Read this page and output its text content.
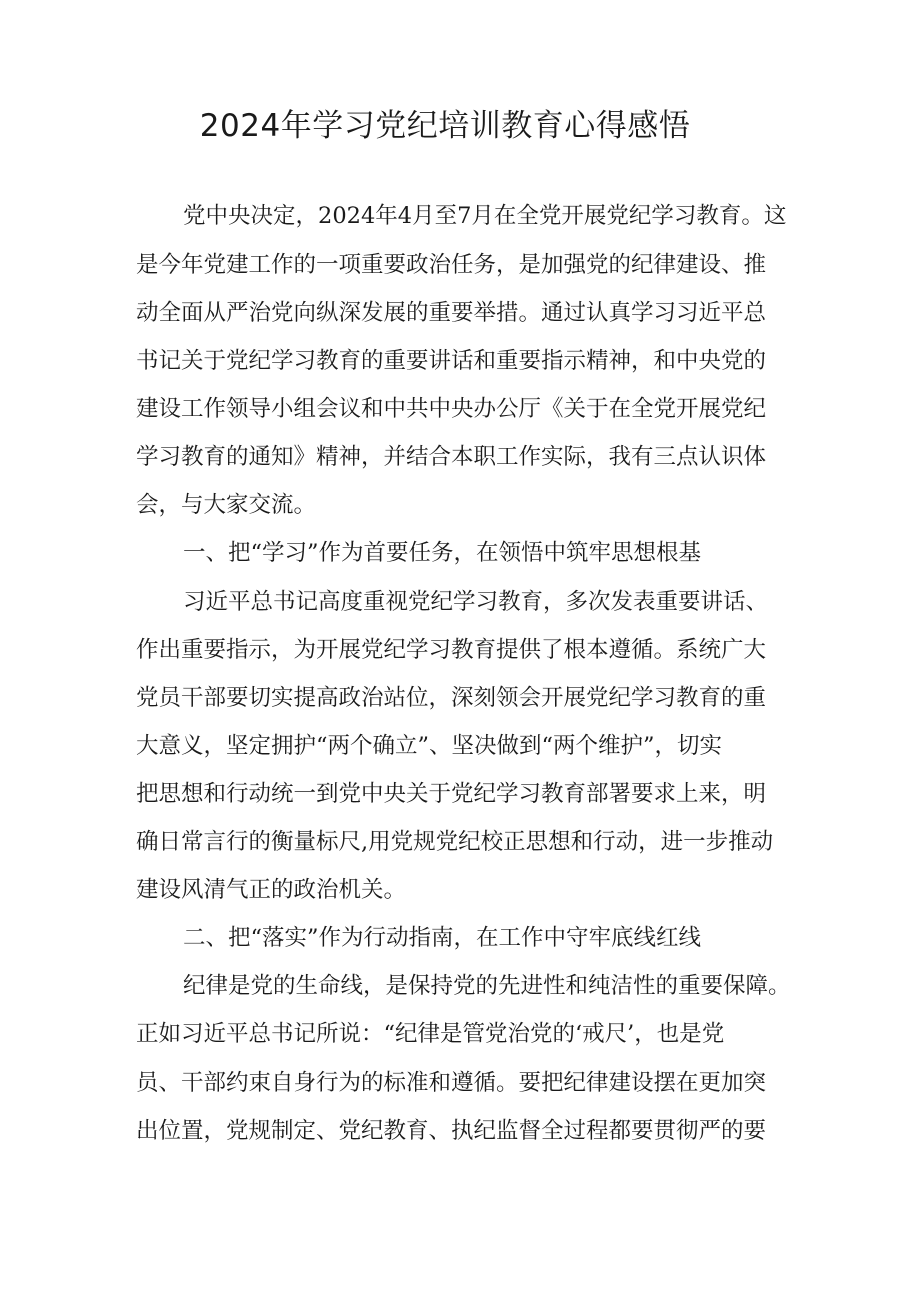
2024年学习党纪培训教育心得感悟

党中央决定，2024年4月至7月在全党开展党纪学习教育。这

是今年党建工作的一项重要政治任务，是加强党的纪律建设、推

动全面从严治党向纵深发展的重要举措。通过认真学习习近平总

书记关于党纪学习教育的重要讲话和重要指示精神，和中央党的

建设工作领导小组会议和中共中央办公厅《关于在全党开展党纪

学习教育的通知》精神，并结合本职工作实际，我有三点认识体

会，与大家交流。

一、把“学习”作为首要任务，在领悟中筑牢思想根基

习近平总书记高度重视党纪学习教育，多次发表重要讲话、

作出重要指示，为开展党纪学习教育提供了根本遵循。系统广大

党员干部要切实提高政治站位，深刻领会开展党纪学习教育的重

大意义，坚定拥护“两个确立”、坚决做到“两个维护”，切实

把思想和行动统一到党中央关于党纪学习教育部署要求上来，明

确日常言行的衡量标尺,用党规党纪校正思想和行动，进一步推动

建设风清气正的政治机关。

二、把“落实”作为行动指南，在工作中守牢底线红线

纪律是党的生命线，是保持党的先进性和纯洁性的重要保障。

正如习近平总书记所说：“纪律是管党治党的‘戒尺’，也是党

员、干部约束自身行为的标准和遵循。要把纪律建设摆在更加突

出位置，党规制定、党纪教育、执纪监督全过程都要贯彻严的要
